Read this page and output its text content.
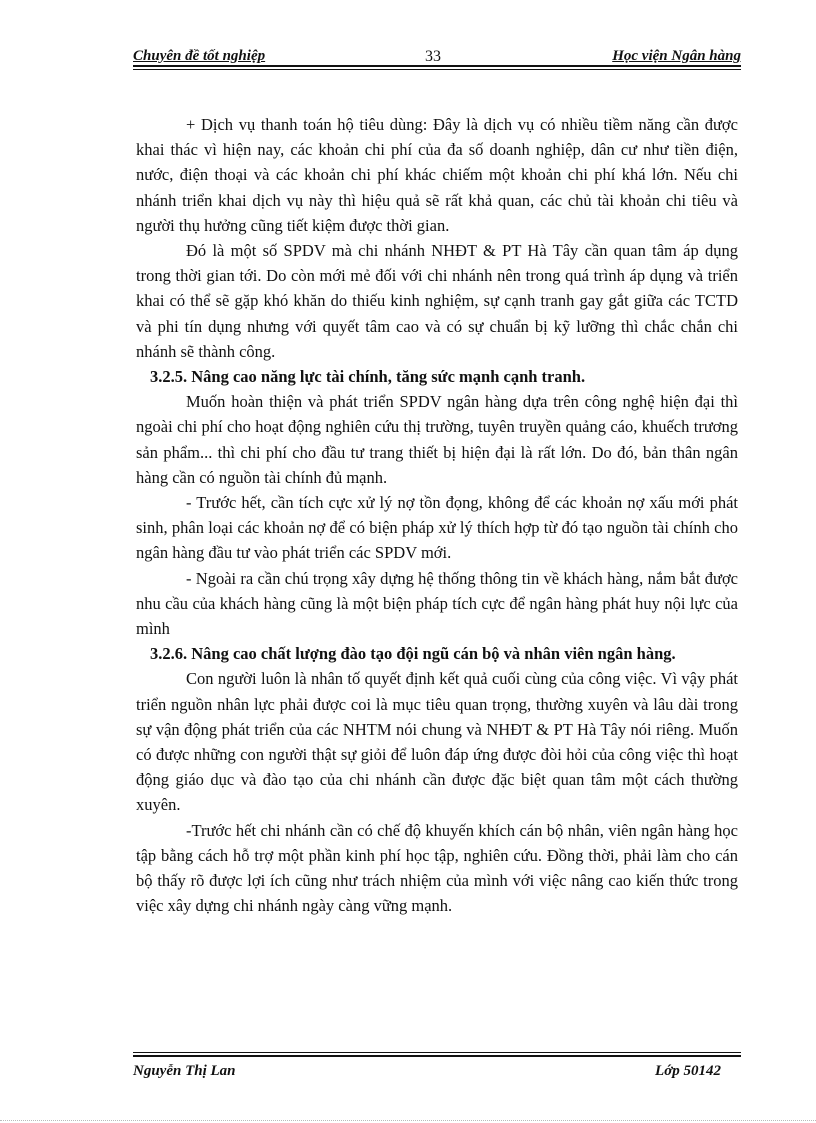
Chuyên đề tốt nghiệp	33	Học viện Ngân hàng

+ Dịch vụ thanh toán hộ tiêu dùng: Đây là dịch vụ có nhiều tiềm năng cần được khai thác vì hiện nay, các khoản chi phí của đa số doanh nghiệp, dân cư như tiền điện, nước, điện thoại và các khoản chi phí khác chiếm một khoản chi phí khá lớn. Nếu chi nhánh triển khai dịch vụ này thì hiệu quả sẽ rất khả quan, các chủ tài khoản chi tiêu và người thụ hưởng cũng tiết kiệm được thời gian.

Đó là một số SPDV mà chi nhánh NHĐT & PT Hà Tây cần quan tâm áp dụng trong thời gian tới. Do còn mới mẻ đối với chi nhánh nên trong quá trình áp dụng và triển khai có thể sẽ gặp khó khăn do thiếu kinh nghiệm, sự cạnh tranh gay gắt giữa các TCTD và phi tín dụng nhưng với quyết tâm cao và có sự chuẩn bị kỹ lưỡng thì chắc chắn chi nhánh sẽ thành công.

3.2.5. Nâng cao năng lực tài chính, tăng sức mạnh cạnh tranh.

Muốn hoàn thiện và phát triển SPDV ngân hàng dựa trên công nghệ hiện đại thì ngoài chi phí cho hoạt động nghiên cứu thị trường, tuyên truyền quảng cáo, khuếch trương sản phẩm... thì chi phí cho đầu tư trang thiết bị hiện đại là rất lớn. Do đó, bản thân ngân hàng cần có nguồn tài chính đủ mạnh.

- Trước hết, cần tích cực xử lý nợ tồn đọng, không để các khoản nợ xấu mới phát sinh, phân loại các khoản nợ để có biện pháp xử lý thích hợp từ đó tạo nguồn tài chính cho ngân hàng đầu tư vào phát triển các SPDV mới.

- Ngoài ra cần chú trọng xây dựng hệ thống thông tin về khách hàng, nắm bắt được nhu cầu của khách hàng cũng là một biện pháp tích cực để ngân hàng phát huy nội lực của mình

3.2.6. Nâng cao chất lượng đào tạo đội ngũ cán bộ và nhân viên ngân hàng.

Con người luôn là nhân tố quyết định kết quả cuối cùng của công việc. Vì vậy phát triển nguồn nhân lực phải được coi là mục tiêu quan trọng, thường xuyên và lâu dài trong sự vận động phát triển của các NHTM nói chung và NHĐT & PT Hà Tây nói riêng. Muốn có được những con người thật sự giỏi để luôn đáp ứng được đòi hỏi của công việc thì hoạt động giáo dục và đào tạo của chi nhánh cần được đặc biệt quan tâm một cách thường xuyên.

-Trước hết chi nhánh cần có chế độ khuyến khích cán bộ nhân, viên ngân hàng học tập bằng cách hỗ trợ một phần kinh phí học tập, nghiên cứu. Đồng thời, phải làm cho cán bộ thấy rõ được lợi ích cũng như trách nhiệm của mình với việc nâng cao kiến thức trong việc xây dựng chi nhánh ngày càng vững mạnh.

Nguyễn Thị Lan	Lớp 50142
